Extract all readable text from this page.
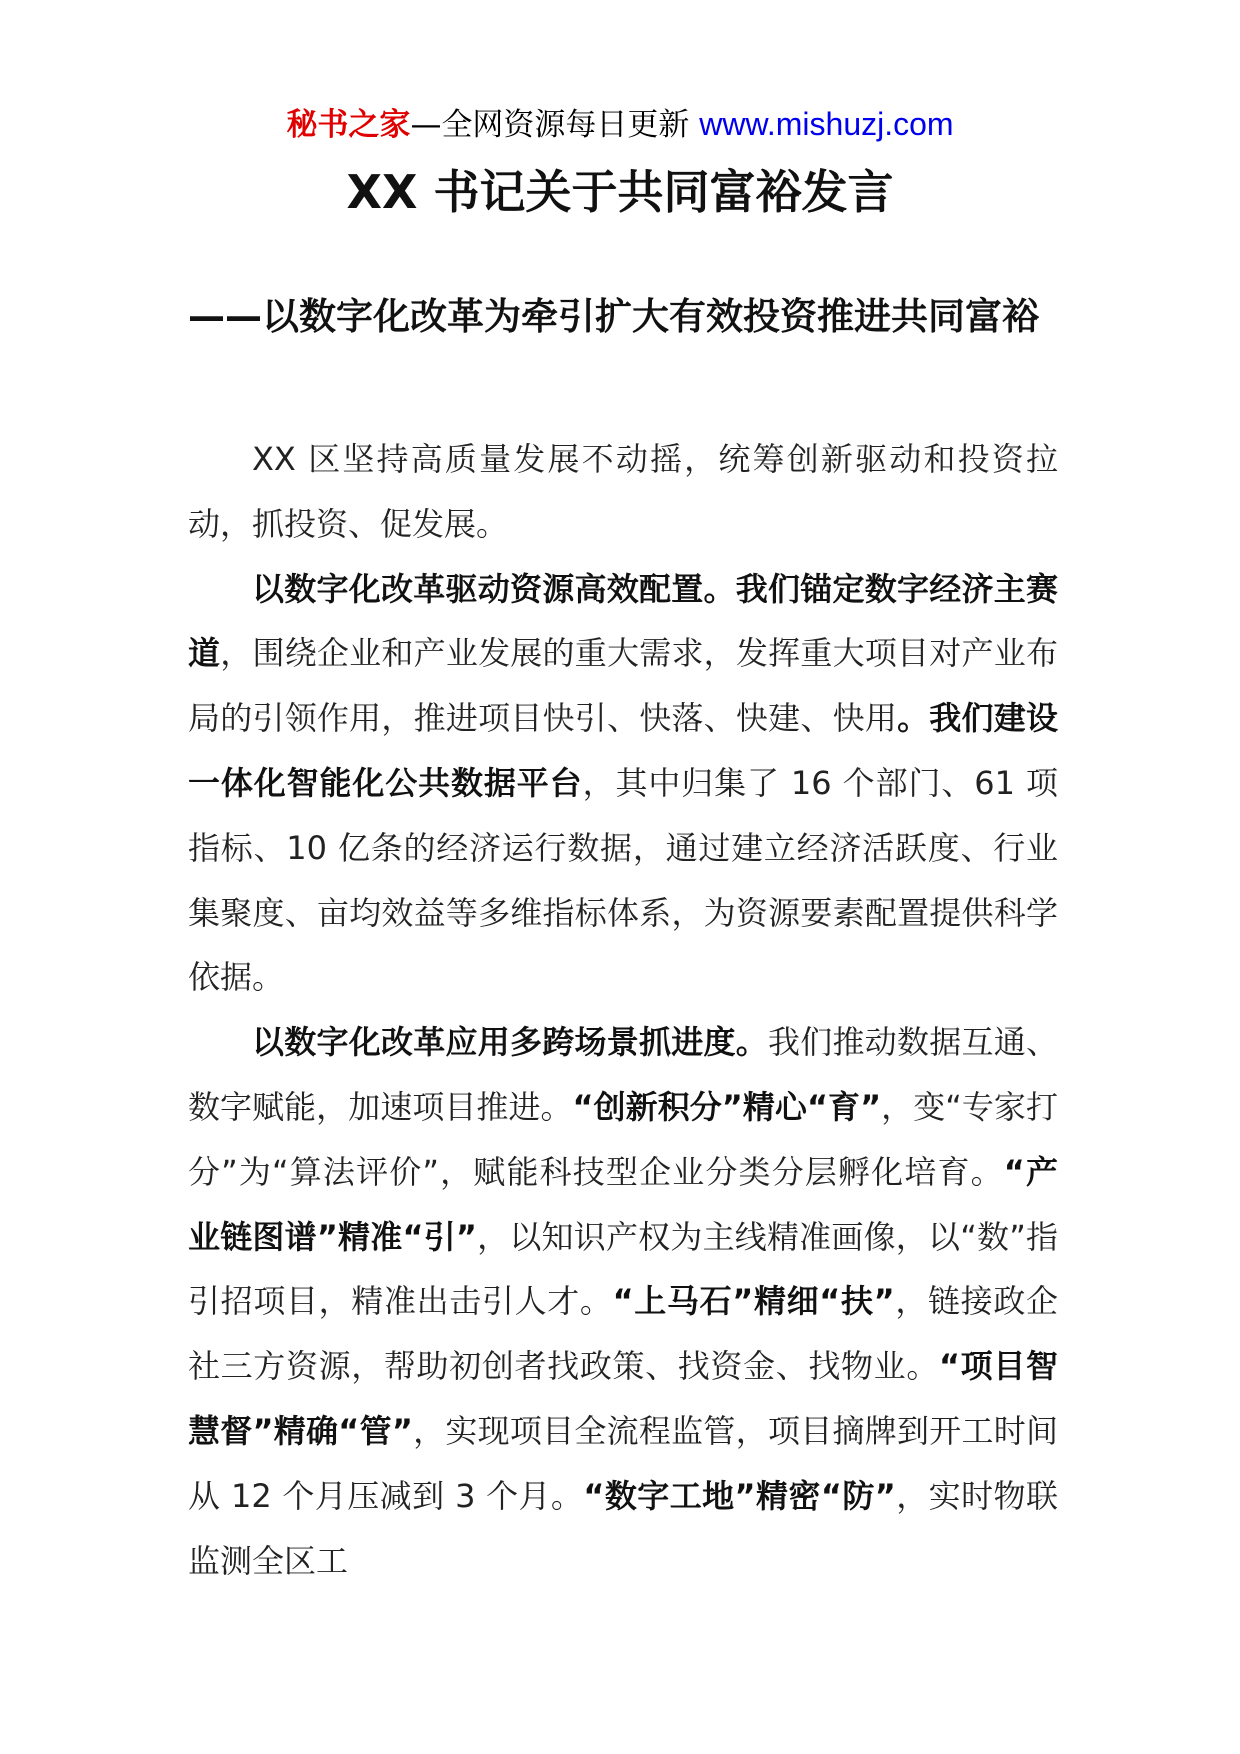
秘书之家—全网资源每日更新 www.mishuzj.com
XX 书记关于共同富裕发言
——以数字化改革为牵引扩大有效投资推进共同富裕

XX 区坚持高质量发展不动摇，统筹创新驱动和投资拉动，抓投资、促发展。

以数字化改革驱动资源高效配置。我们锚定数字经济主赛道，围绕企业和产业发展的重大需求，发挥重大项目对产业布局的引领作用，推进项目快引、快落、快建、快用。我们建设一体化智能化公共数据平台，其中归集了 16 个部门、61 项指标、10 亿条的经济运行数据，通过建立经济活跃度、行业集聚度、亩均效益等多维指标体系，为资源要素配置提供科学依据。

以数字化改革应用多跨场景抓进度。我们推动数据互通、数字赋能，加速项目推进。“创新积分”精心“育”，变“专家打分”为“算法评价”，赋能科技型企业分类分层孵化培育。“产业链图谱”精准“引”，以知识产权为主线精准画像，以“数”指引招项目，精准出击引人才。“上马石”精细“扶”，链接政企社三方资源，帮助初创者找政策、找资金、找物业。“项目智慧督”精确“管”，实现项目全流程监管，项目摘牌到开工时间从 12 个月压减到 3 个月。“数字工地”精密“防”，实时物联监测全区工
